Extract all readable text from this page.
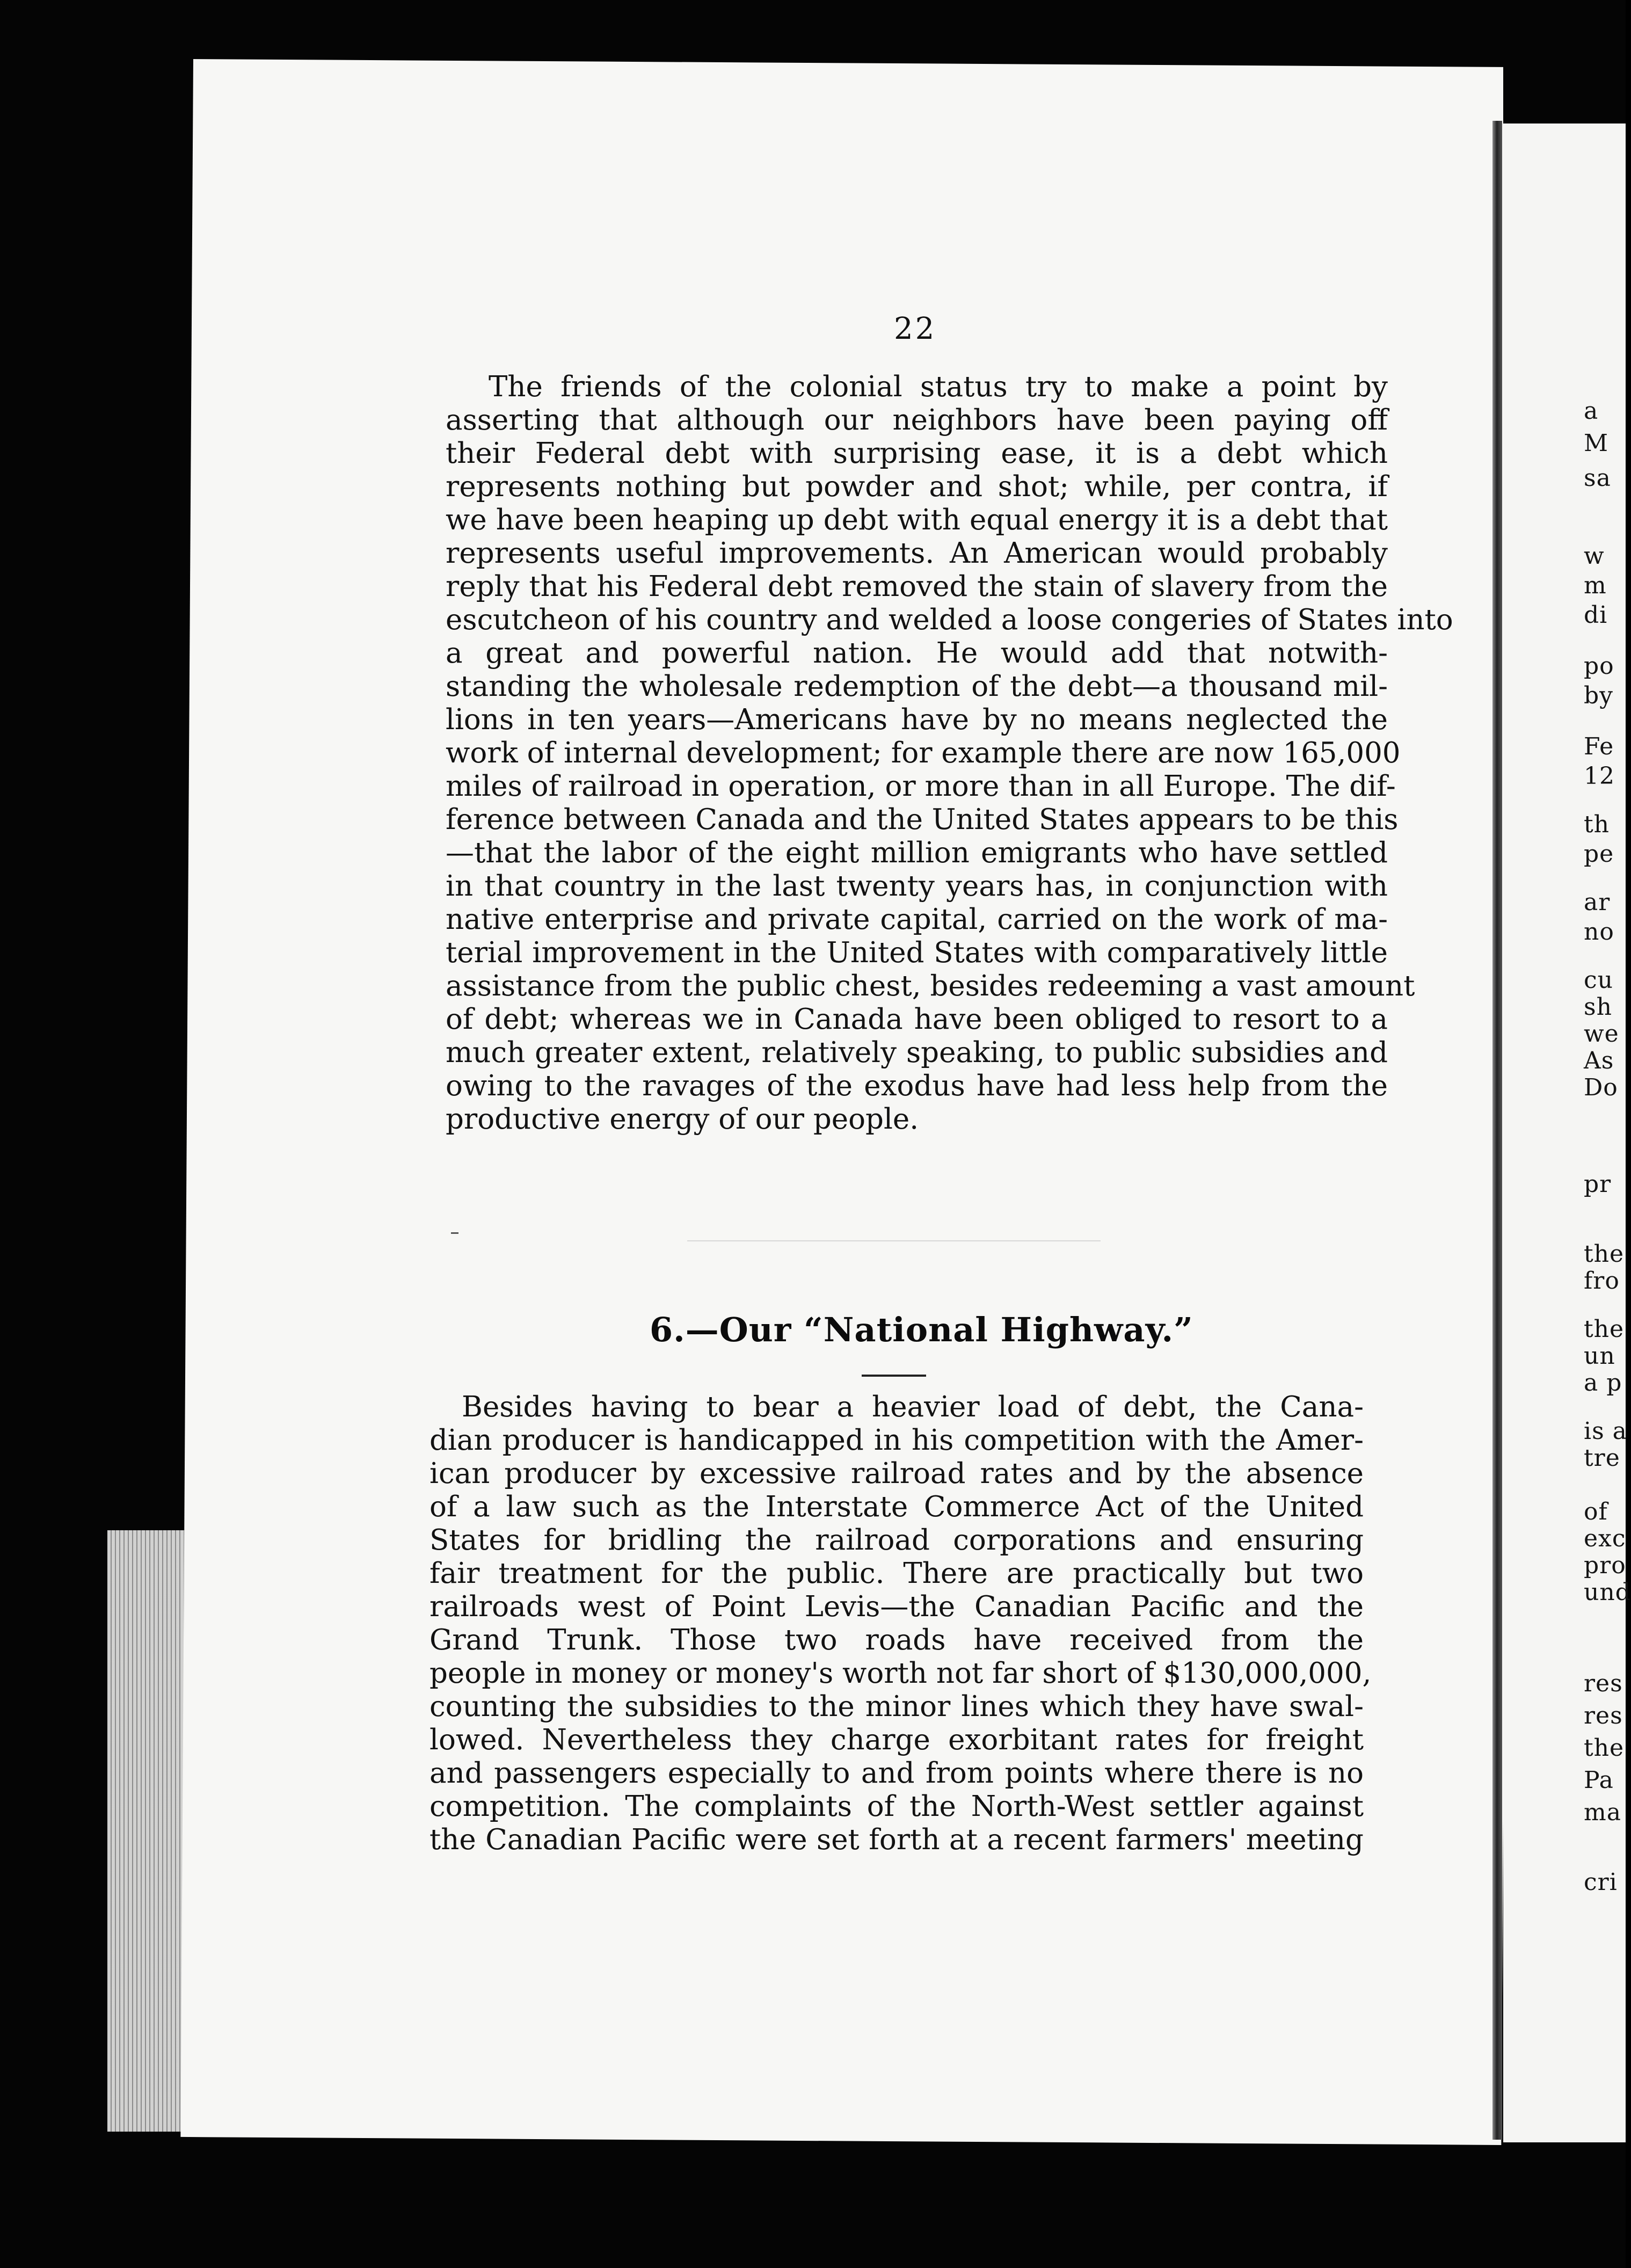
a
M
sa
w
m
di
po
by
Fe
12
th
pe
ar
no
cu
sh
we
As
Do
pr
the
fro
the
un
a p
is a
tre
of
exc
pro
und
res
res
the
Pa
ma
cri
22
The friends of the colonial status try to make a point by
asserting that although our neighbors have been paying off
their Federal debt with surprising ease, it is a debt which
represents nothing but powder and shot; while, per contra, if
we have been heaping up debt with equal energy it is a debt that
represents useful improvements. An American would probably
reply that his Federal debt removed the stain of slavery from the
escutcheon of his country and welded a loose congeries of States into
a great and powerful nation. He would add that notwith-
standing the wholesale redemption of the debt—a thousand mil-
lions in ten years—Americans have by no means neglected the
work of internal development; for example there are now 165,000
miles of railroad in operation, or more than in all Europe. The dif-
ference between Canada and the United States appears to be this
—that the labor of the eight million emigrants who have settled
in that country in the last twenty years has, in conjunction with
native enterprise and private capital, carried on the work of ma-
terial improvement in the United States with comparatively little
assistance from the public chest, besides redeeming a vast amount
of debt; whereas we in Canada have been obliged to resort to a
much greater extent, relatively speaking, to public subsidies and
owing to the ravages of the exodus have had less help from the
productive energy of our people.
6.—Our “National Highway.”
Besides having to bear a heavier load of debt, the Cana-
dian producer is handicapped in his competition with the Amer-
ican producer by excessive railroad rates and by the absence
of a law such as the Interstate Commerce Act of the United
States for bridling the railroad corporations and ensuring
fair treatment for the public. There are practically but two
railroads west of Point Levis—the Canadian Pacific and the
Grand Trunk. Those two roads have received from the
people in money or money's worth not far short of $130,000,000,
counting the subsidies to the minor lines which they have swal-
lowed. Nevertheless they charge exorbitant rates for freight
and passengers especially to and from points where there is no
competition. The complaints of the North-West settler against
the Canadian Pacific were set forth at a recent farmers' meeting
